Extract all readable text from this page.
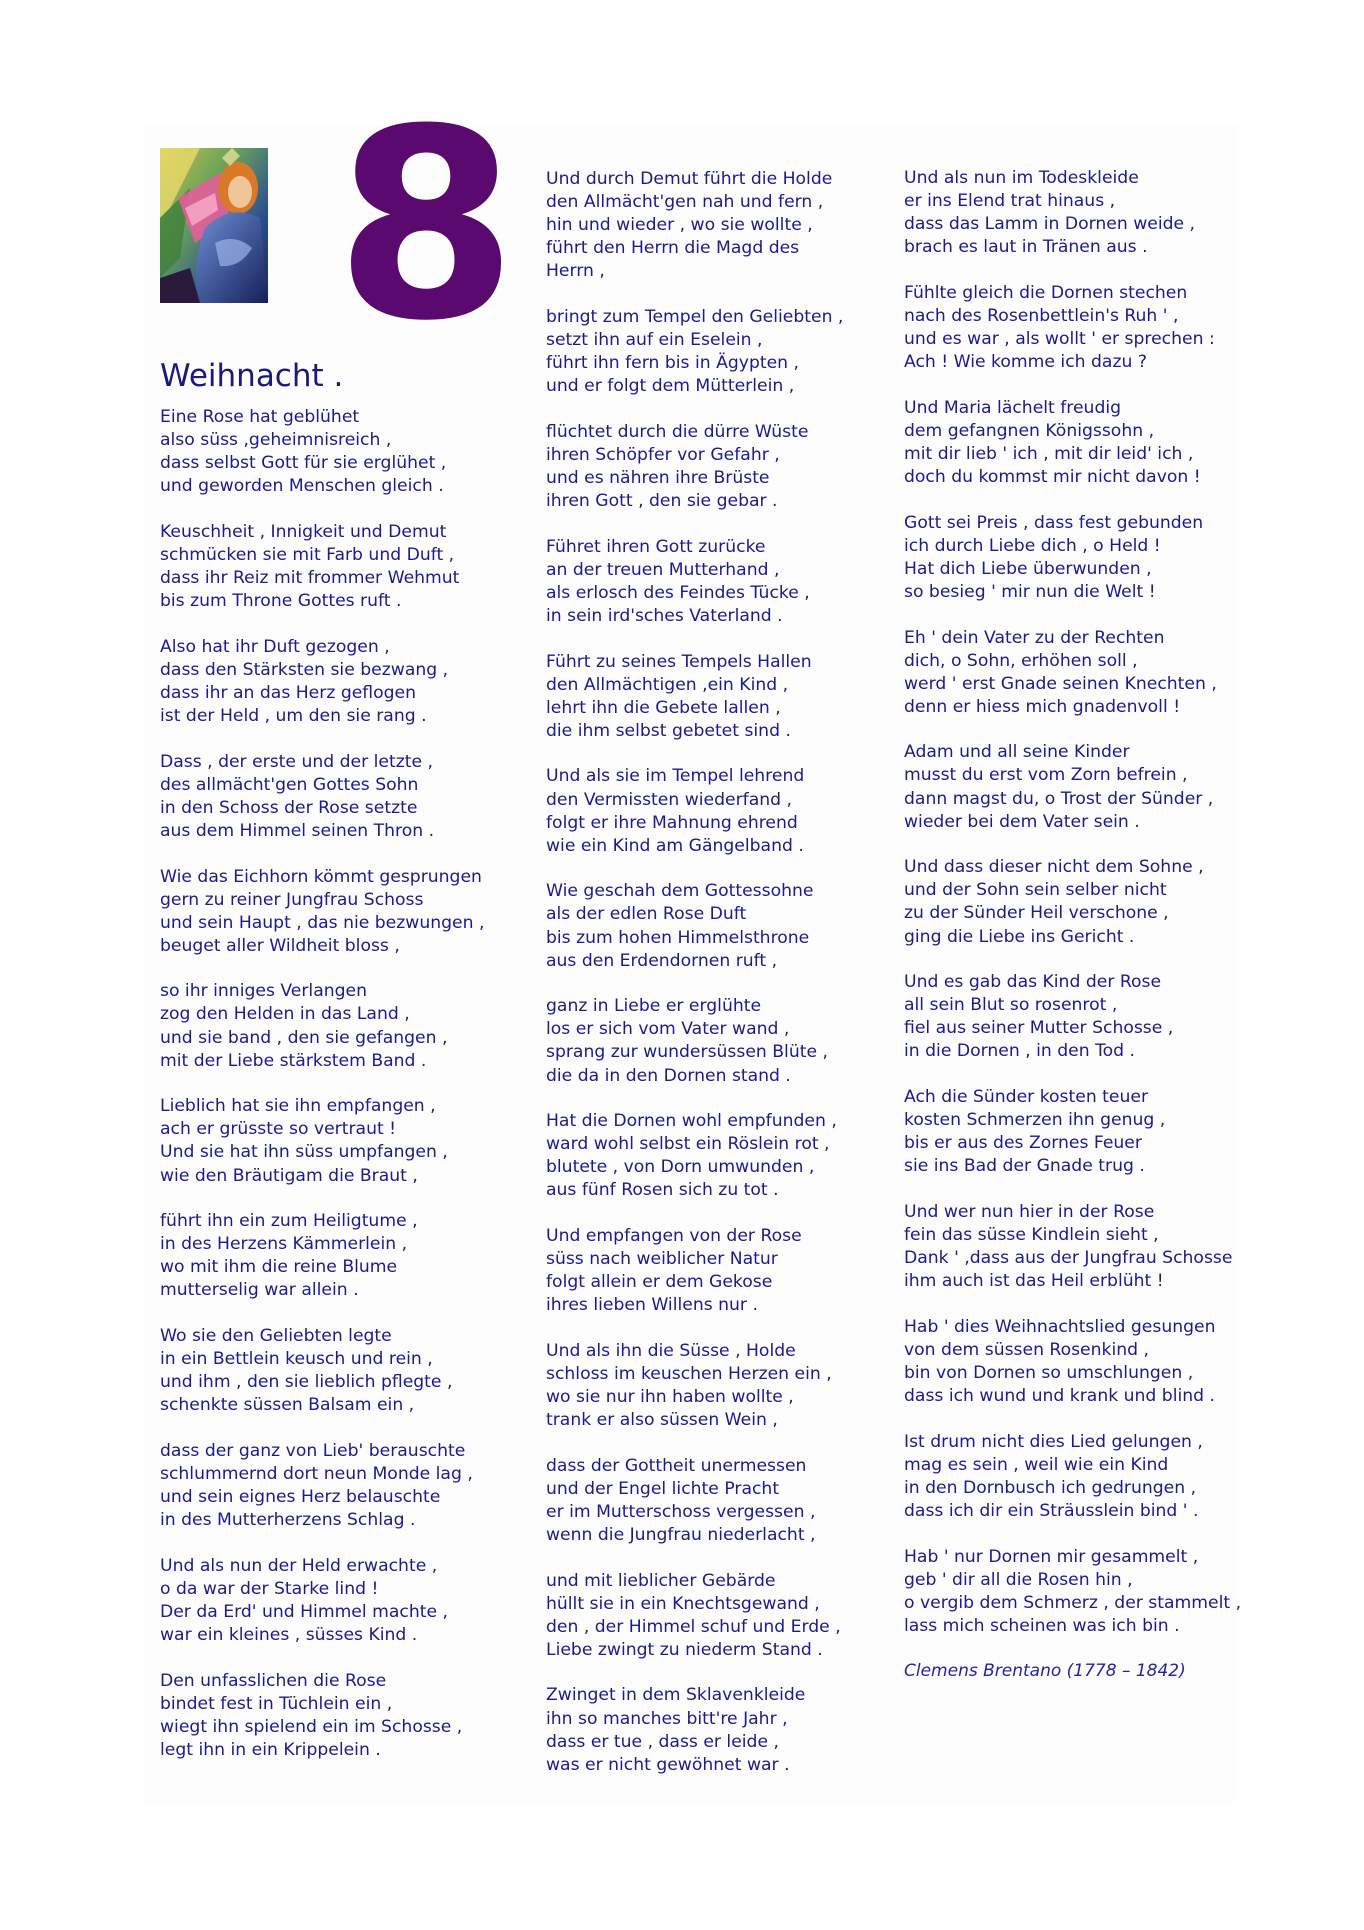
8
Weihnacht .
Eine Rose hat geblühet
also süss ,geheimnisreich ,
dass selbst Gott für sie erglühet ,
und geworden Menschen gleich .
Keuschheit , Innigkeit und Demut
schmücken sie mit Farb und Duft ,
dass ihr Reiz mit frommer Wehmut
bis zum Throne Gottes ruft .
Also hat ihr Duft gezogen ,
dass den Stärksten sie bezwang ,
dass ihr an das Herz geflogen
ist der Held , um den sie rang .
Dass , der erste und der letzte ,
des allmächt'gen Gottes Sohn
in den Schoss der Rose setzte
aus dem Himmel seinen Thron .
Wie das Eichhorn kömmt gesprungen
gern zu reiner Jungfrau Schoss
und sein Haupt , das nie bezwungen ,
beuget aller Wildheit bloss ,
so ihr inniges Verlangen
zog den Helden in das Land ,
und sie band , den sie gefangen ,
mit der Liebe stärkstem Band .
Lieblich hat sie ihn empfangen ,
ach er grüsste so vertraut !
Und sie hat ihn süss umpfangen ,
wie den Bräutigam die Braut ,
führt ihn ein zum Heiligtume ,
in des Herzens Kämmerlein ,
wo mit ihm die reine Blume
mutterselig war allein .
Wo sie den Geliebten legte
in ein Bettlein keusch und rein ,
und ihm , den sie lieblich pflegte ,
schenkte süssen Balsam ein ,
dass der ganz von Lieb' berauschte
schlummernd dort neun Monde lag ,
und sein eignes Herz belauschte
in des Mutterherzens Schlag .
Und als nun der Held erwachte ,
o da war der Starke lind !
Der da Erd' und Himmel machte ,
war ein kleines , süsses Kind .
Den unfasslichen die Rose
bindet fest in Tüchlein ein ,
wiegt ihn spielend ein im Schosse ,
legt ihn in ein Krippelein .
Und durch Demut führt die Holde
den Allmächt'gen nah und fern ,
hin und wieder , wo sie wollte ,
führt den Herrn die Magd des
Herrn ,
bringt zum Tempel den Geliebten ,
setzt ihn auf ein Eselein ,
führt ihn fern bis in Ägypten ,
und er folgt dem Mütterlein ,
flüchtet durch die dürre Wüste
ihren Schöpfer vor Gefahr ,
und es nähren ihre Brüste
ihren Gott , den sie gebar .
Führet ihren Gott zurücke
an der treuen Mutterhand ,
als erlosch des Feindes Tücke ,
in sein ird'sches Vaterland .
Führt zu seines Tempels Hallen
den Allmächtigen ,ein Kind ,
lehrt ihn die Gebete lallen ,
die ihm selbst gebetet sind .
Und als sie im Tempel lehrend
den Vermissten wiederfand ,
folgt er ihre Mahnung ehrend
wie ein Kind am Gängelband .
Wie geschah dem Gottessohne
als der edlen Rose Duft
bis zum hohen Himmelsthrone
aus den Erdendornen ruft ,
ganz in Liebe er erglühte
los er sich vom Vater wand ,
sprang zur wundersüssen Blüte ,
die da in den Dornen stand .
Hat die Dornen wohl empfunden ,
ward wohl selbst ein Röslein rot ,
blutete , von Dorn umwunden ,
aus fünf Rosen sich zu tot .
Und empfangen von der Rose
süss nach weiblicher Natur
folgt allein er dem Gekose
ihres lieben Willens nur .
Und als ihn die Süsse , Holde
schloss im keuschen Herzen ein ,
wo sie nur ihn haben wollte ,
trank er also süssen Wein ,
dass der Gottheit unermessen
und der Engel lichte Pracht
er im Mutterschoss vergessen ,
wenn die Jungfrau niederlacht ,
und mit lieblicher Gebärde
hüllt sie in ein Knechtsgewand ,
den , der Himmel schuf und Erde ,
Liebe zwingt zu niederm Stand .
Zwinget in dem Sklavenkleide
ihn so manches bitt're Jahr ,
dass er tue , dass er leide ,
was er nicht gewöhnet war .
Und als nun im Todeskleide
er ins Elend trat hinaus ,
dass das Lamm in Dornen weide ,
brach es laut in Tränen aus .
Fühlte gleich die Dornen stechen
nach des Rosenbettlein's Ruh ' ,
und es war , als wollt ' er sprechen :
Ach ! Wie komme ich dazu ?
Und Maria lächelt freudig
dem gefangnen Königssohn ,
mit dir lieb ' ich , mit dir leid' ich ,
doch du kommst mir nicht davon !
Gott sei Preis , dass fest gebunden
ich durch Liebe dich , o Held !
Hat dich Liebe überwunden ,
so besieg ' mir nun die Welt !
Eh ' dein Vater zu der Rechten
dich, o Sohn, erhöhen soll ,
werd ' erst Gnade seinen Knechten ,
denn er hiess mich gnadenvoll !
Adam und all seine Kinder
musst du erst vom Zorn befrein ,
dann magst du, o Trost der Sünder ,
wieder bei dem Vater sein .
Und dass dieser nicht dem Sohne ,
und der Sohn sein selber nicht
zu der Sünder Heil verschone ,
ging die Liebe ins Gericht .
Und es gab das Kind der Rose
all sein Blut so rosenrot ,
fiel aus seiner Mutter Schosse ,
in die Dornen , in den Tod .
Ach die Sünder kosten teuer
kosten Schmerzen ihn genug ,
bis er aus des Zornes Feuer
sie ins Bad der Gnade trug .
Und wer nun hier in der Rose
fein das süsse Kindlein sieht ,
Dank ' ,dass aus der Jungfrau Schosse
ihm auch ist das Heil erblüht !
Hab ' dies Weihnachtslied gesungen
von dem süssen Rosenkind ,
bin von Dornen so umschlungen ,
dass ich wund und krank und blind .
Ist drum nicht dies Lied gelungen ,
mag es sein , weil wie ein Kind
in den Dornbusch ich gedrungen ,
dass ich dir ein Sträusslein bind ' .
Hab ' nur Dornen mir gesammelt ,
geb ' dir all die Rosen hin ,
o vergib dem Schmerz , der stammelt ,
lass mich scheinen was ich bin .
Clemens Brentano (1778 – 1842)
